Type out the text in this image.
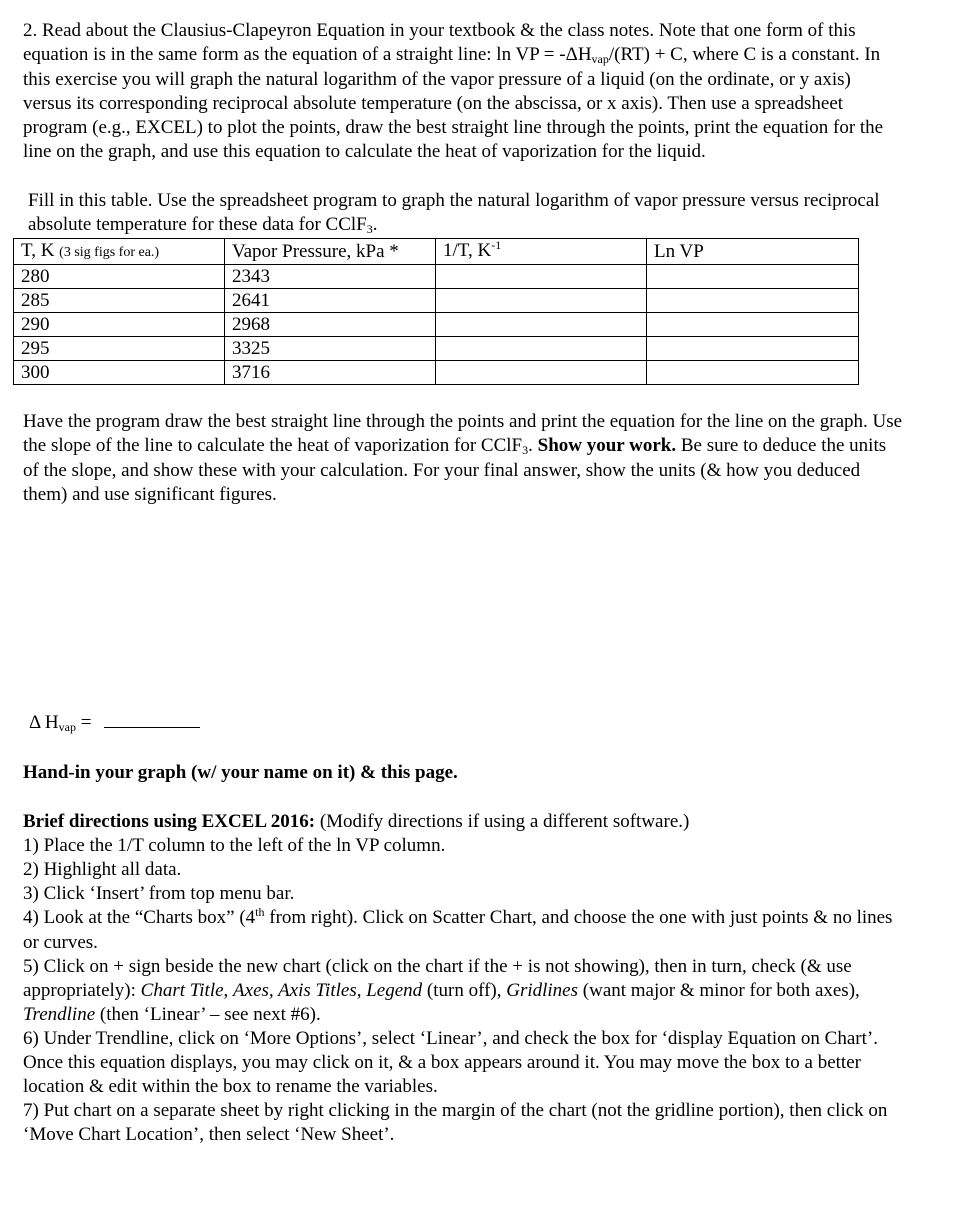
2. Read about the Clausius-Clapeyron Equation in your textbook & the class notes. Note that one form of this equation is in the same form as the equation of a straight line: ln VP = -ΔHvap/(RT) + C, where C is a constant. In this exercise you will graph the natural logarithm of the vapor pressure of a liquid (on the ordinate, or y axis) versus its corresponding reciprocal absolute temperature (on the abscissa, or x axis). Then use a spreadsheet program (e.g., EXCEL) to plot the points, draw the best straight line through the points, print the equation for the line on the graph, and use this equation to calculate the heat of vaporization for the liquid.

Fill in this table. Use the spreadsheet program to graph the natural logarithm of vapor pressure versus reciprocal absolute temperature for these data for CClF3.

T, K (3 sig figs for ea.)	Vapor Pressure, kPa *	1/T, $K^{-1}$	Ln VP
280	2343		
285	2641		
290	2968		
295	3325		
300	3716		

Have the program draw the best straight line through the points and print the equation for the line on the graph. Use the slope of the line to calculate the heat of vaporization for CClF3. Show your work. Be sure to deduce the units of the slope, and show these with your calculation. For your final answer, show the units (& how you deduced them) and use significant figures.

Δ Hvap =

Hand-in your graph (w/ your name on it) & this page.

Brief directions using EXCEL 2016: (Modify directions if using a different software.)

1) Place the 1/T column to the left of the ln VP column.

2) Highlight all data.

3) Click ‘Insert’ from top menu bar.

4) Look at the “Charts box” (4th from right). Click on Scatter Chart, and choose the one with just points & no lines or curves.

5) Click on + sign beside the new chart (click on the chart if the + is not showing), then in turn, check (& use appropriately): Chart Title, Axes, Axis Titles, Legend (turn off), Gridlines (want major & minor for both axes), Trendline (then ‘Linear’ – see next #6).

6) Under Trendline, click on ‘More Options’, select ‘Linear’, and check the box for ‘display Equation on Chart’. Once this equation displays, you may click on it, & a box appears around it. You may move the box to a better location & edit within the box to rename the variables.

7) Put chart on a separate sheet by right clicking in the margin of the chart (not the gridline portion), then click on ‘Move Chart Location’, then select ‘New Sheet’.
